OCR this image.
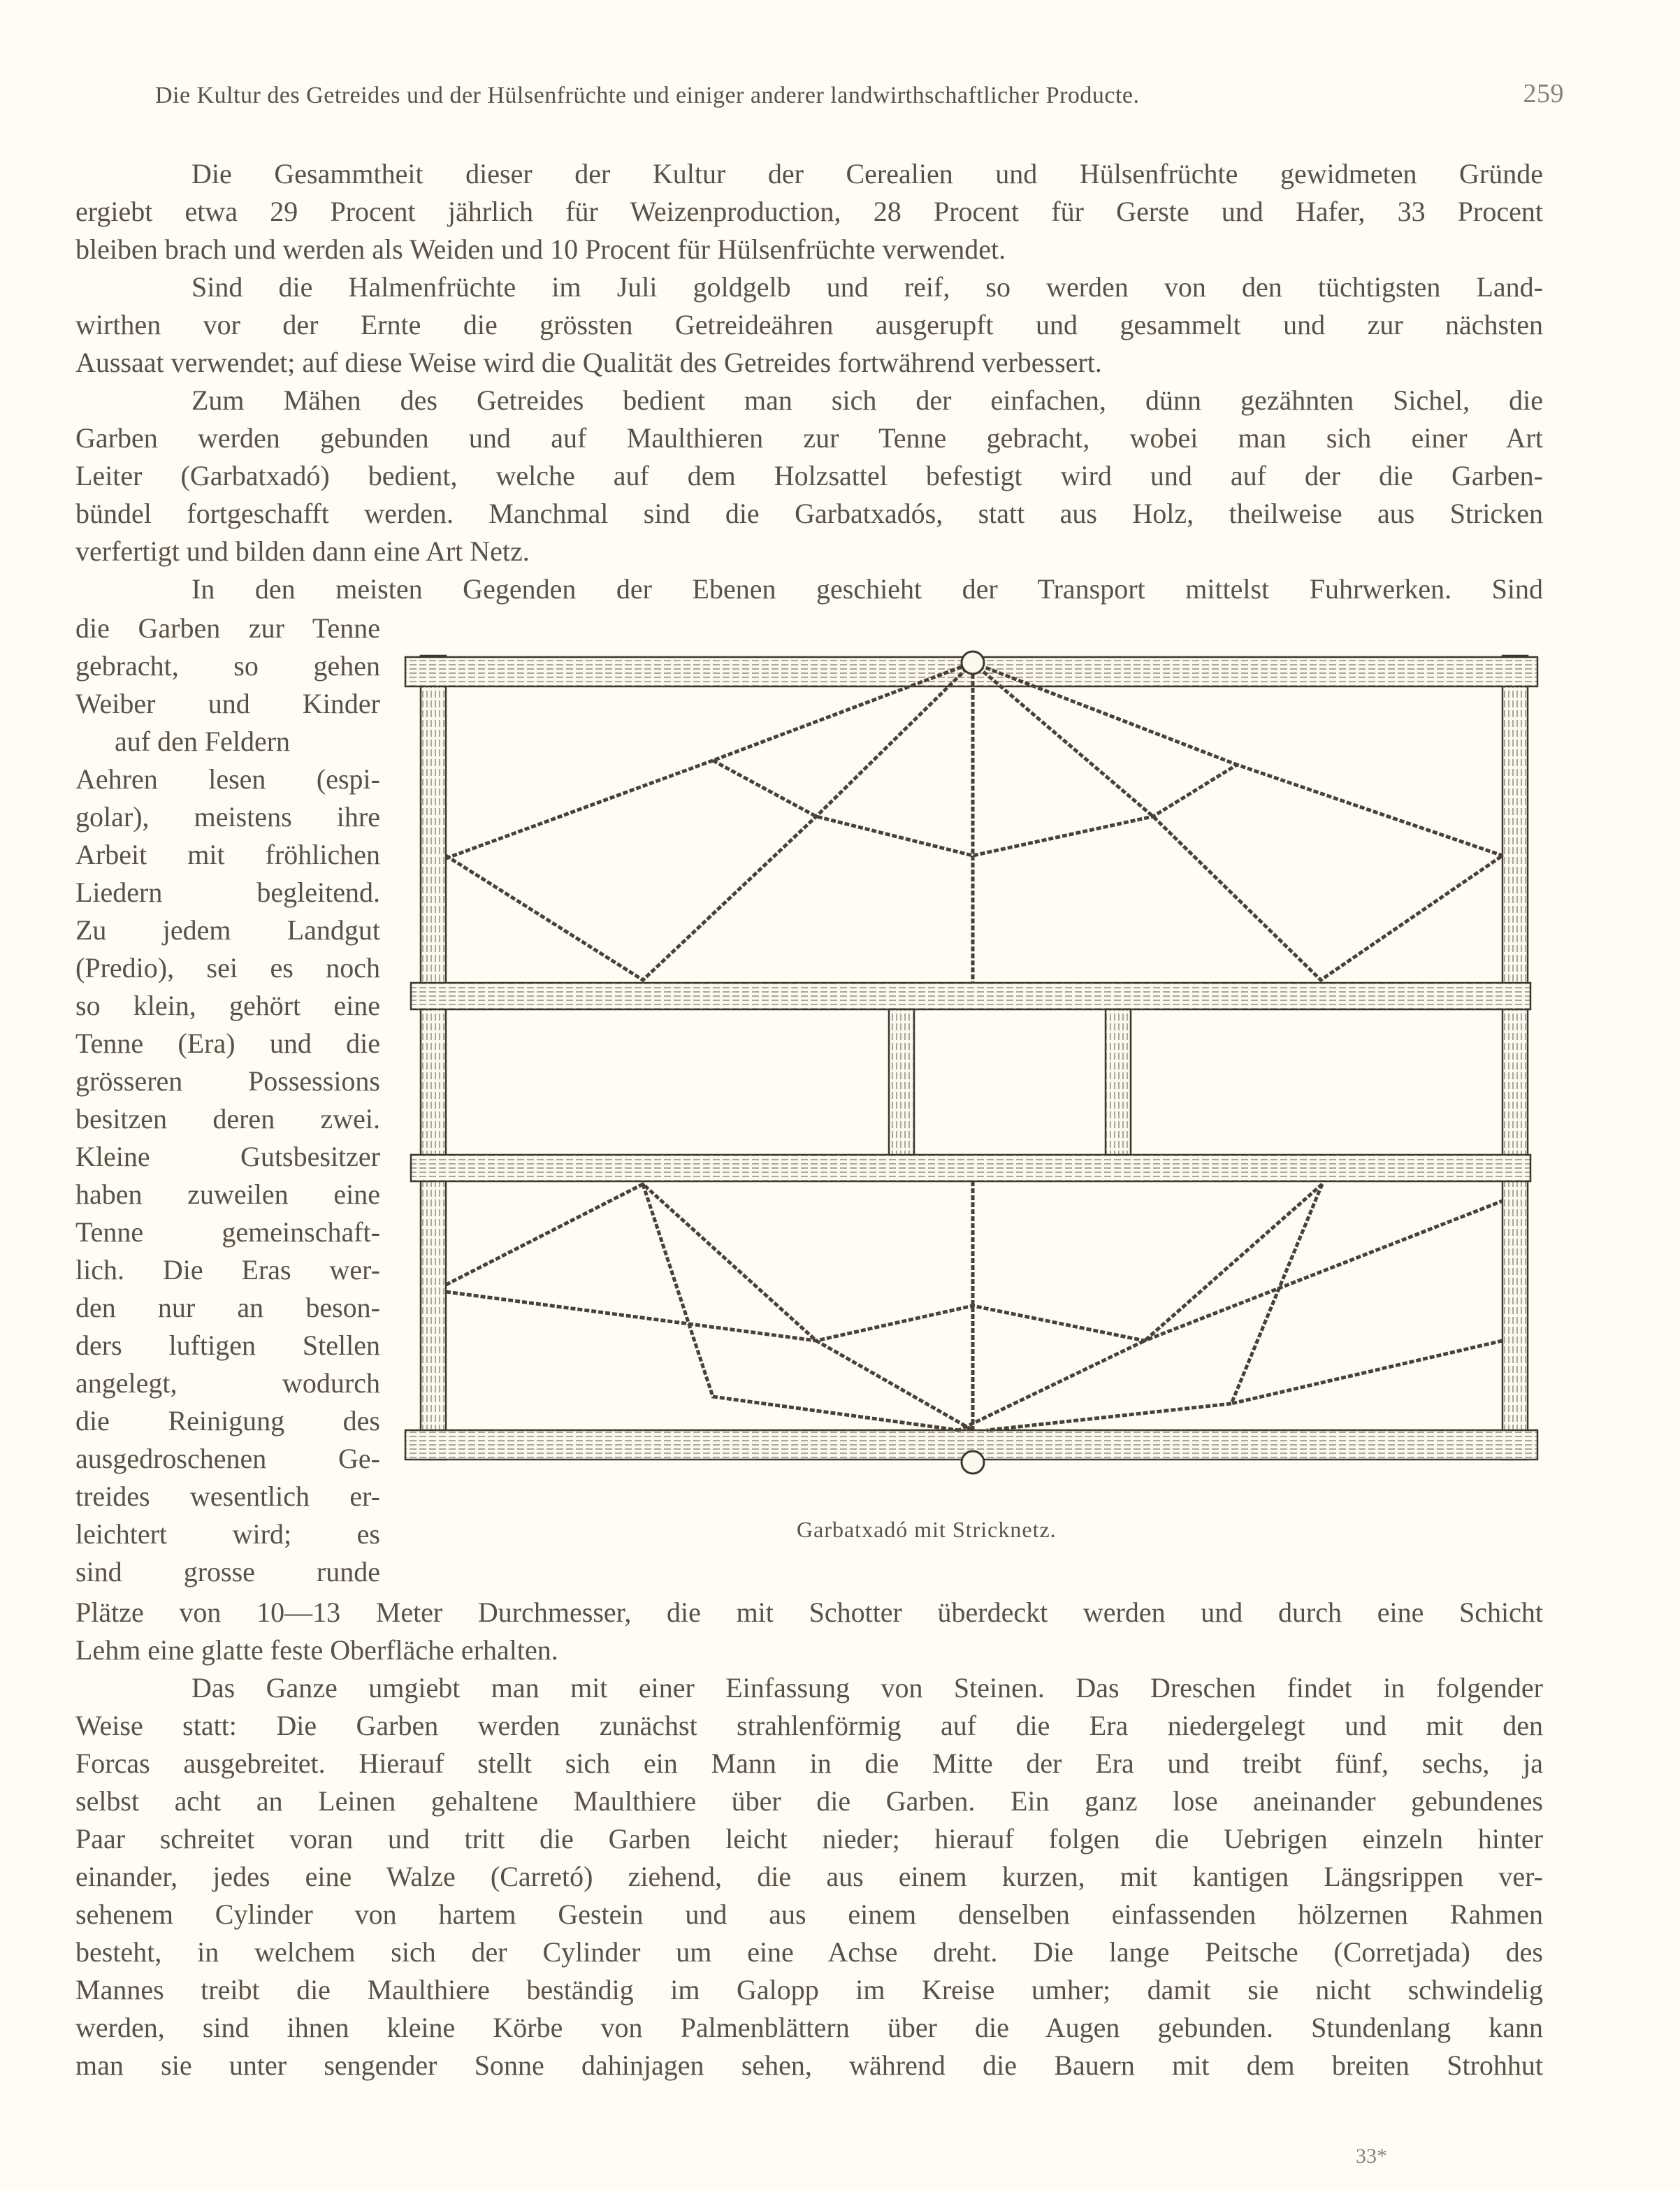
Die Kultur des Getreides und der Hülsenfrüchte und einiger anderer landwirthschaftlicher Producte.	259
Die Gesammtheit dieser der Kultur der Cerealien und Hülsenfrüchte gewidmeten Gründe
ergiebt etwa 29 Procent jährlich für Weizenproduction, 28 Procent für Gerste und Hafer, 33 Procent
bleiben brach und werden als Weiden und 10 Procent für Hülsenfrüchte verwendet.
Sind die Halmenfrüchte im Juli goldgelb und reif, so werden von den tüchtigsten Land-
wirthen vor der Ernte die grössten Getreideähren ausgerupft und gesammelt und zur nächsten
Aussaat verwendet; auf diese Weise wird die Qualität des Getreides fortwährend verbessert.
Zum Mähen des Getreides bedient man sich der einfachen, dünn gezähnten Sichel, die
Garben werden gebunden und auf Maulthieren zur Tenne gebracht, wobei man sich einer Art
Leiter (Garbatxadó) bedient, welche auf dem Holzsattel befestigt wird und auf der die Garben-
bündel fortgeschafft werden. Manchmal sind die Garbatxadós, statt aus Holz, theilweise aus Stricken
verfertigt und bilden dann eine Art Netz.
In den meisten Gegenden der Ebenen geschieht der Transport mittelst Fuhrwerken. Sind
die Garben zur Tenne
gebracht, so gehen
Weiber und Kinder
auf den Feldern
Aehren lesen (espi-
golar), meistens ihre
Arbeit mit fröhlichen
Liedern begleitend.
Zu jedem Landgut
(Predio), sei es noch
so klein, gehört eine
Tenne (Era) und die
grösseren Possessions
besitzen deren zwei.
Kleine Gutsbesitzer
haben zuweilen eine
Tenne gemeinschaft-
lich. Die Eras wer-
den nur an beson-
ders luftigen Stellen
angelegt, wodurch
die Reinigung des
ausgedroschenen Ge-
treides wesentlich er-
leichtert wird; es
sind grosse runde
Garbatxadó mit Stricknetz.
Plätze von 10—13 Meter Durchmesser, die mit Schotter überdeckt werden und durch eine Schicht
Lehm eine glatte feste Oberfläche erhalten.
Das Ganze umgiebt man mit einer Einfassung von Steinen. Das Dreschen findet in folgender
Weise statt: Die Garben werden zunächst strahlenförmig auf die Era niedergelegt und mit den
Forcas ausgebreitet. Hierauf stellt sich ein Mann in die Mitte der Era und treibt fünf, sechs, ja
selbst acht an Leinen gehaltene Maulthiere über die Garben. Ein ganz lose aneinander gebundenes
Paar schreitet voran und tritt die Garben leicht nieder; hierauf folgen die Uebrigen einzeln hinter
einander, jedes eine Walze (Carretó) ziehend, die aus einem kurzen, mit kantigen Längsrippen ver-
sehenem Cylinder von hartem Gestein und aus einem denselben einfassenden hölzernen Rahmen
besteht, in welchem sich der Cylinder um eine Achse dreht. Die lange Peitsche (Corretjada) des
Mannes treibt die Maulthiere beständig im Galopp im Kreise umher; damit sie nicht schwindelig
werden, sind ihnen kleine Körbe von Palmenblättern über die Augen gebunden. Stundenlang kann
man sie unter sengender Sonne dahinjagen sehen, während die Bauern mit dem breiten Strohhut
33*
